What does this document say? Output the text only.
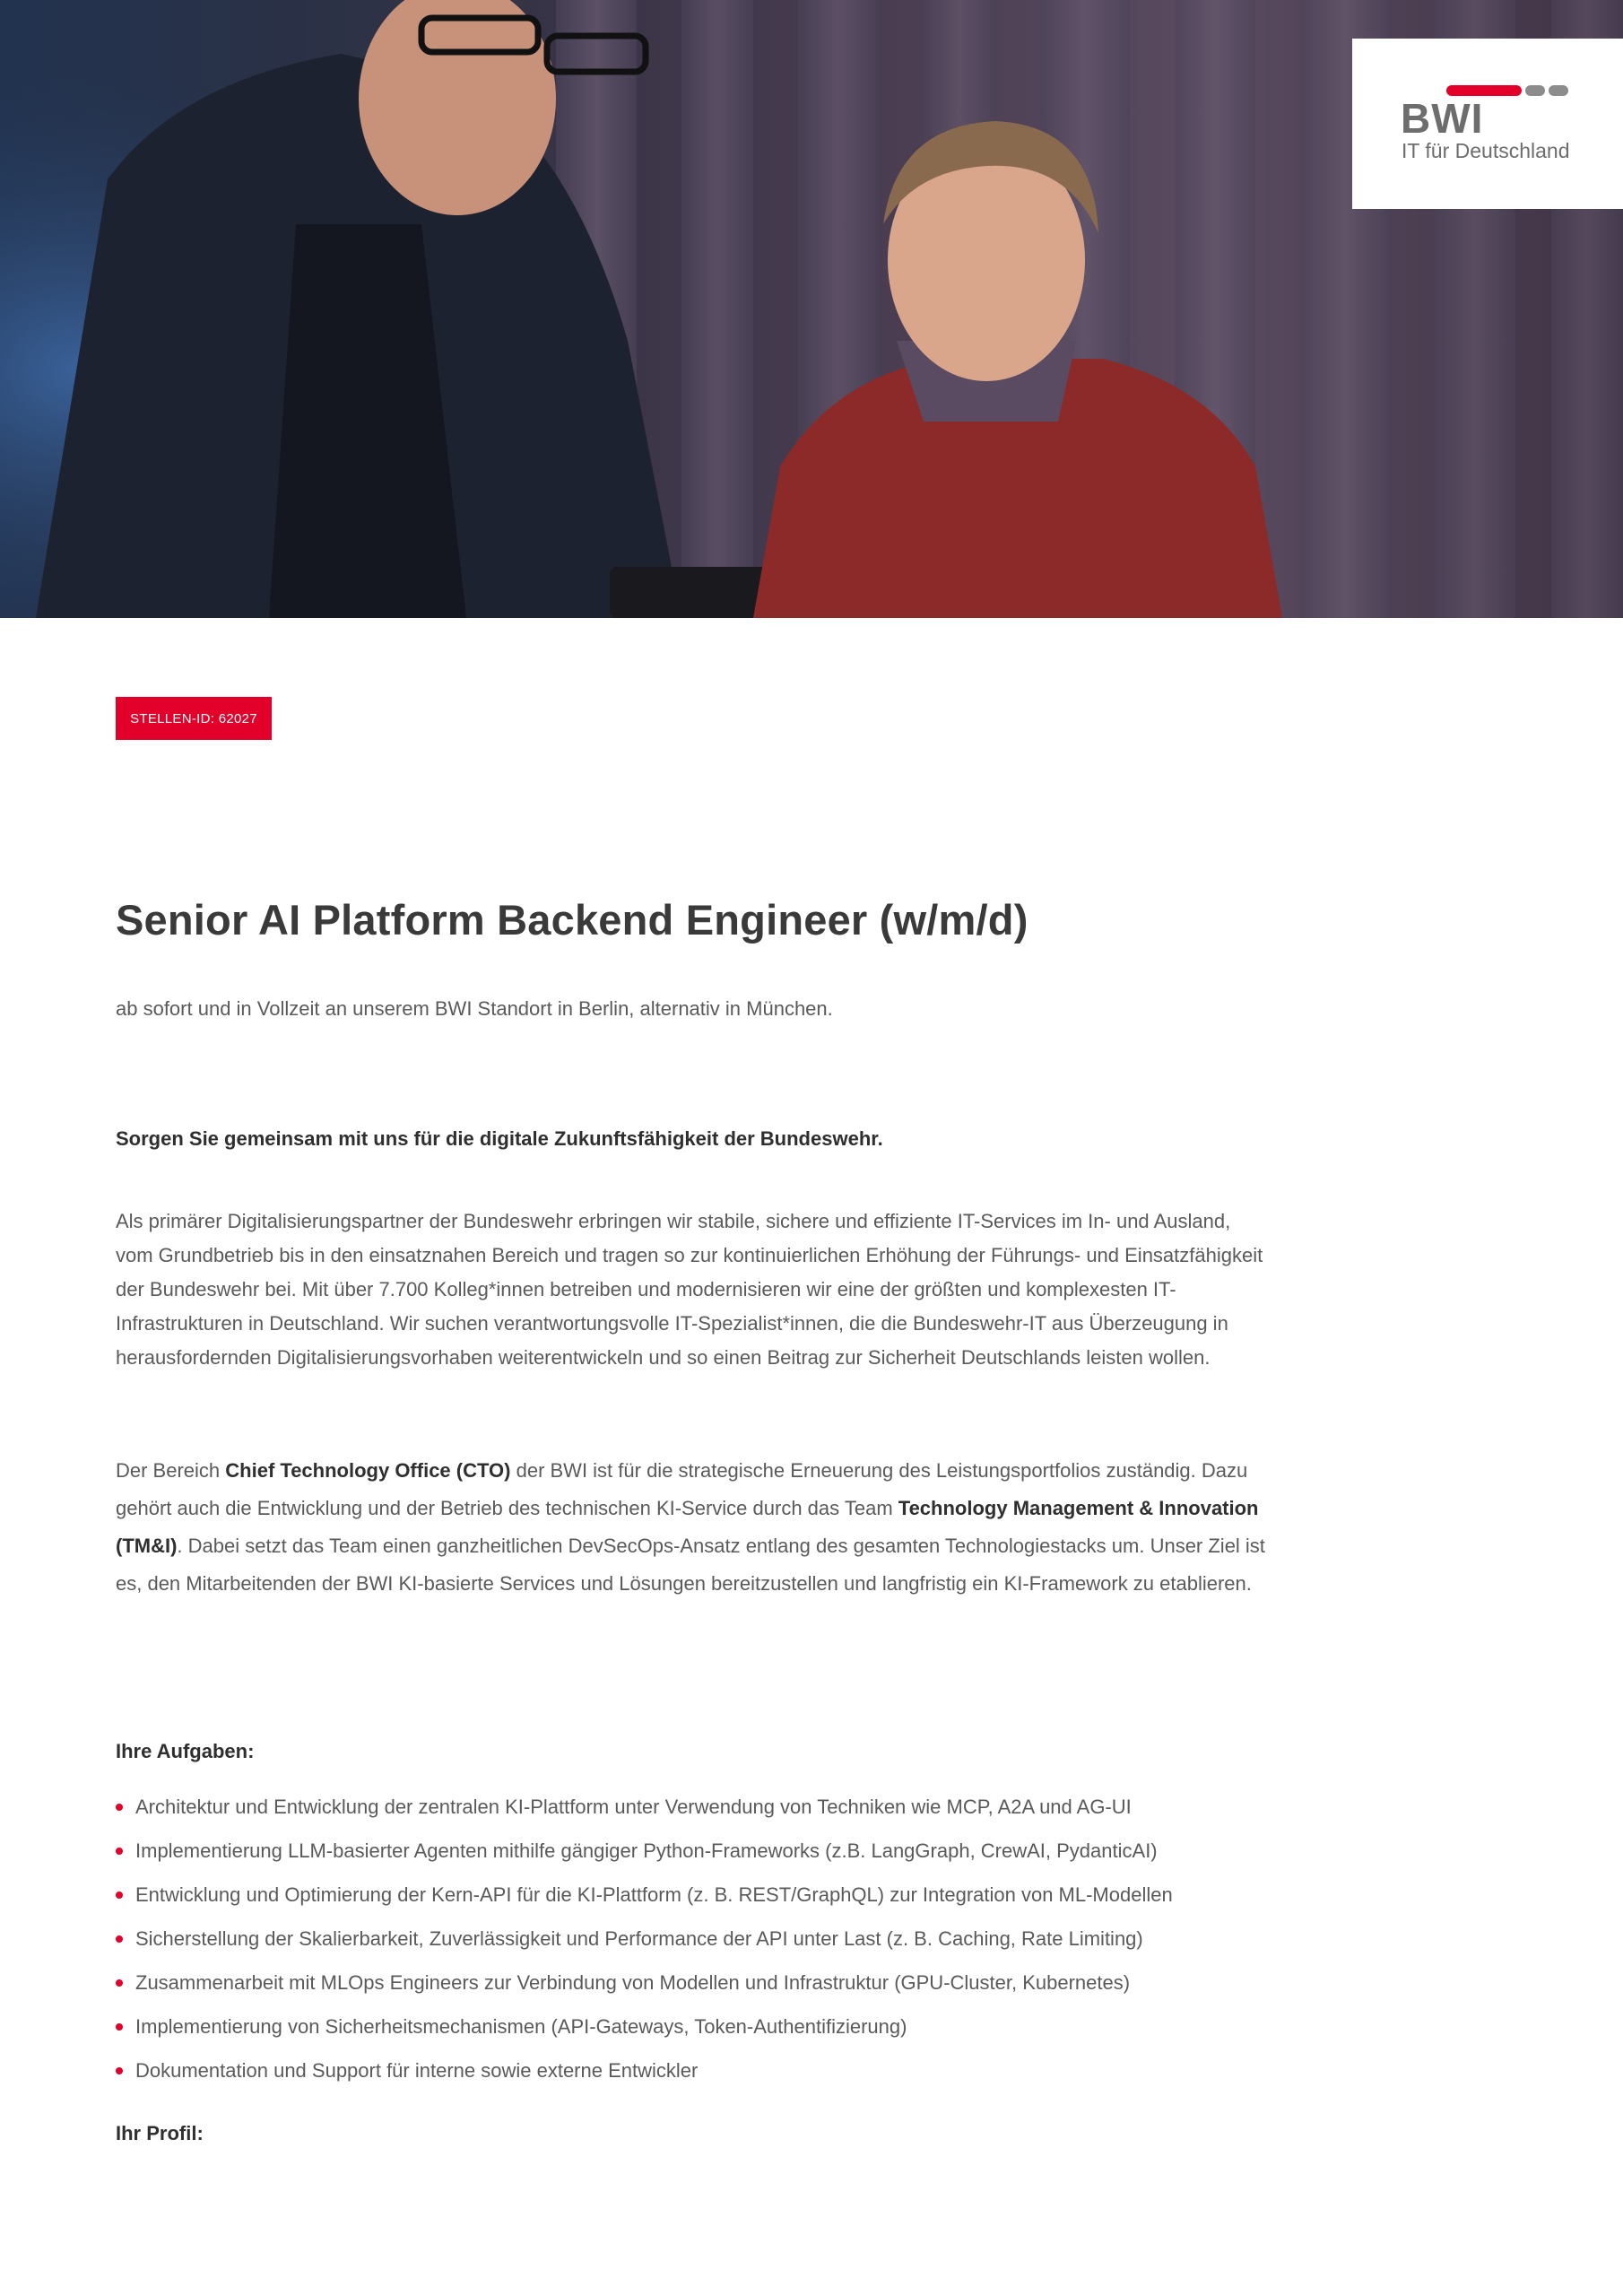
BWI
IT für Deutschland
STELLEN-ID: 62027
Senior AI Platform Backend Engineer (w/m/d)

ab sofort und in Vollzeit an unserem BWI Standort in Berlin, alternativ in München.

Sorgen Sie gemeinsam mit uns für die digitale Zukunftsfähigkeit der Bundeswehr.

Als primärer Digitalisierungspartner der Bundeswehr erbringen wir stabile, sichere und effiziente IT-Services im In- und Ausland,
vom Grundbetrieb bis in den einsatznahen Bereich und tragen so zur kontinuierlichen Erhöhung der Führungs- und Einsatzfähigkeit
der Bundeswehr bei. Mit über 7.700 Kolleg*innen betreiben und modernisieren wir eine der größten und komplexesten IT-
Infrastrukturen in Deutschland. Wir suchen verantwortungsvolle IT-Spezialist*innen, die die Bundeswehr-IT aus Überzeugung in
herausfordernden Digitalisierungsvorhaben weiterentwickeln und so einen Beitrag zur Sicherheit Deutschlands leisten wollen.

Der Bereich Chief Technology Office (CTO) der BWI ist für die strategische Erneuerung des Leistungsportfolios zuständig. Dazu gehört auch die Entwicklung und der Betrieb des technischen KI-Service durch das Team Technology Management & Innovation (TM&I). Dabei setzt das Team einen ganzheitlichen DevSecOps-Ansatz entlang des gesamten Technologiestacks um. Unser Ziel ist es, den Mitarbeitenden der BWI KI-basierte Services und Lösungen bereitzustellen und langfristig ein KI-Framework zu etablieren.

Ihre Aufgaben:
Architektur und Entwicklung der zentralen KI-Plattform unter Verwendung von Techniken wie MCP, A2A und AG-UI
Implementierung LLM-basierter Agenten mithilfe gängiger Python-Frameworks (z.B. LangGraph, CrewAI, PydanticAI)
Entwicklung und Optimierung der Kern-API für die KI-Plattform (z. B. REST/GraphQL) zur Integration von ML-Modellen
Sicherstellung der Skalierbarkeit, Zuverlässigkeit und Performance der API unter Last (z. B. Caching, Rate Limiting)
Zusammenarbeit mit MLOps Engineers zur Verbindung von Modellen und Infrastruktur (GPU-Cluster, Kubernetes)
Implementierung von Sicherheitsmechanismen (API-Gateways, Token-Authentifizierung)
Dokumentation und Support für interne sowie externe Entwickler
Ihr Profil:
